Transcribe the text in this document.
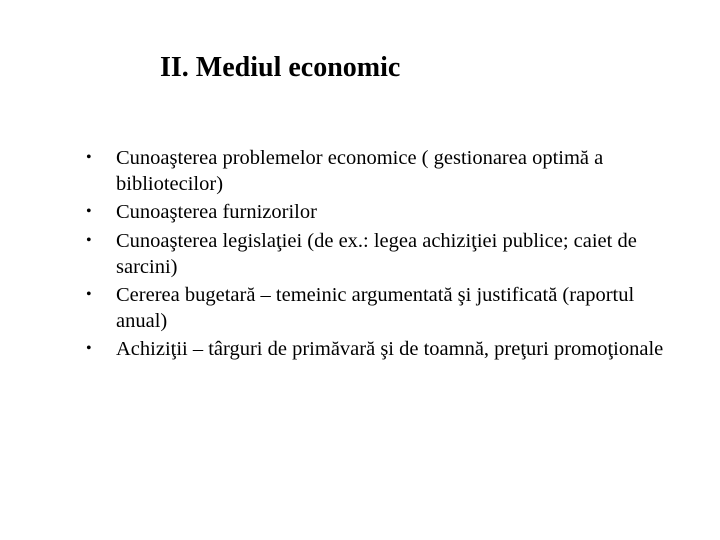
II. Mediul economic
•	Cunoaşterea problemelor economice ( gestionarea optimă a bibliotecilor)
•	Cunoaşterea furnizorilor
•	Cunoaşterea legislaţiei (de ex.: legea achiziţiei publice; caiet de sarcini)
•	Cererea bugetară – temeinic argumentată şi justificată (raportul anual)
•	Achiziţii – târguri de primăvară şi de toamnă, preţuri promoţionale
